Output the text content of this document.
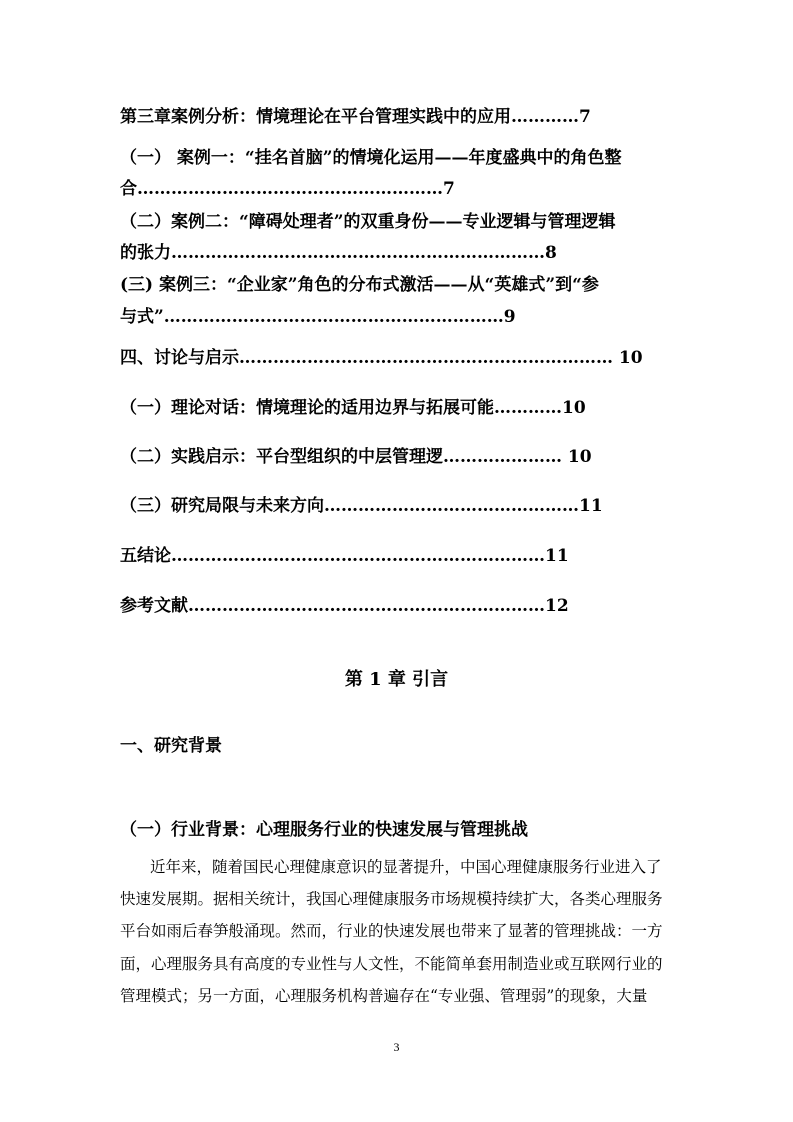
第三章案例分析：情境理论在平台管理实践中的应用…………7
（一） 案例一：“挂名首脑”的情境化运用——年度盛典中的角色整
合………………………………………………7
（二）案例二：“障碍处理者”的双重身份——专业逻辑与管理逻辑
的张力…………………………………………………………8
(三) 案例三：“企业家”角色的分布式激活——从“英雄式”到“参
与式”……………………………………………………9
四、讨论与启示………………………………………………………… 10
（一）理论对话：情境理论的适用边界与拓展可能…………10
（二）实践启示：平台型组织的中层管理逻………………… 10
（三）研究局限与未来方向………………………………………11
五结论…………………………………………………………11
参考文献………………………………………………………12
第 1 章 引言
一、研究背景
（一）行业背景：心理服务行业的快速发展与管理挑战
近年来，随着国民心理健康意识的显著提升，中国心理健康服务行业进入了
快速发展期。据相关统计，我国心理健康服务市场规模持续扩大，各类心理服务
平台如雨后春笋般涌现。然而，行业的快速发展也带来了显著的管理挑战：一方
面，心理服务具有高度的专业性与人文性，不能简单套用制造业或互联网行业的
管理模式；另一方面，心理服务机构普遍存在“专业强、管理弱”的现象，大量
3
